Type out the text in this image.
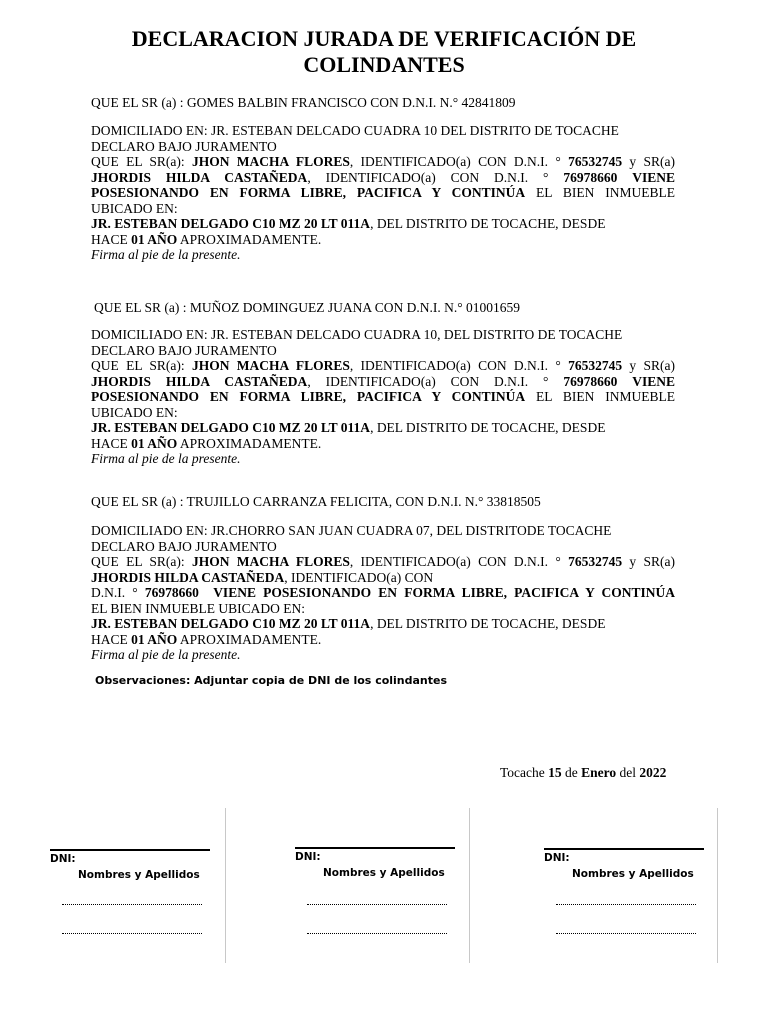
DECLARACION JURADA DE VERIFICACIÓN DE
COLINDANTES
QUE EL SR (a) : GOMES BALBIN FRANCISCO CON D.N.I. N.° 42841809
DOMICILIADO EN: JR. ESTEBAN DELCADO CUADRA 10 DEL DISTRITO DE TOCACHE
DECLARO BAJO JURAMENTO
QUE EL SR(a): JHON MACHA FLORES, IDENTIFICADO(a) CON D.N.I. ° 76532745 y SR(a)
JHORDIS HILDA CASTAÑEDA, IDENTIFICADO(a) CON D.N.I. ° 76978660 VIENE
POSESIONANDO EN FORMA LIBRE, PACIFICA Y CONTINÚA EL BIEN INMUEBLE
UBICADO EN:
JR. ESTEBAN DELGADO C10 MZ 20 LT 011A, DEL DISTRITO DE TOCACHE, DESDE
HACE 01 AÑO APROXIMADAMENTE.
Firma al pie de la presente.
QUE EL SR (a) : MUÑOZ DOMINGUEZ JUANA CON D.N.I. N.° 01001659
DOMICILIADO EN: JR. ESTEBAN DELCADO CUADRA 10, DEL DISTRITO DE TOCACHE
DECLARO BAJO JURAMENTO
QUE EL SR(a): JHON MACHA FLORES, IDENTIFICADO(a) CON D.N.I. ° 76532745 y SR(a)
JHORDIS HILDA CASTAÑEDA, IDENTIFICADO(a) CON D.N.I. ° 76978660 VIENE
POSESIONANDO EN FORMA LIBRE, PACIFICA Y CONTINÚA EL BIEN INMUEBLE
UBICADO EN:
JR. ESTEBAN DELGADO C10 MZ 20 LT 011A, DEL DISTRITO DE TOCACHE, DESDE
HACE 01 AÑO APROXIMADAMENTE.
Firma al pie de la presente.
QUE EL SR (a) : TRUJILLO CARRANZA FELICITA, CON D.N.I. N.° 33818505
DOMICILIADO EN: JR.CHORRO SAN JUAN CUADRA 07, DEL DISTRITODE TOCACHE
DECLARO BAJO JURAMENTO
QUE EL SR(a): JHON MACHA FLORES, IDENTIFICADO(a) CON D.N.I. ° 76532745 y SR(a)
JHORDIS HILDA CASTAÑEDA, IDENTIFICADO(a) CON
D.N.I. ° 76978660 VIENE POSESIONANDO EN FORMA LIBRE, PACIFICA Y CONTINÚA
EL BIEN INMUEBLE UBICADO EN:
JR. ESTEBAN DELGADO C10 MZ 20 LT 011A, DEL DISTRITO DE TOCACHE, DESDE
HACE 01 AÑO APROXIMADAMENTE.
Firma al pie de la presente.
Observaciones: Adjuntar copia de DNI de los colindantes
Tocache 15 de Enero del 2022
DNI:
Nombres y Apellidos
DNI:
Nombres y Apellidos
DNI:
Nombres y Apellidos
